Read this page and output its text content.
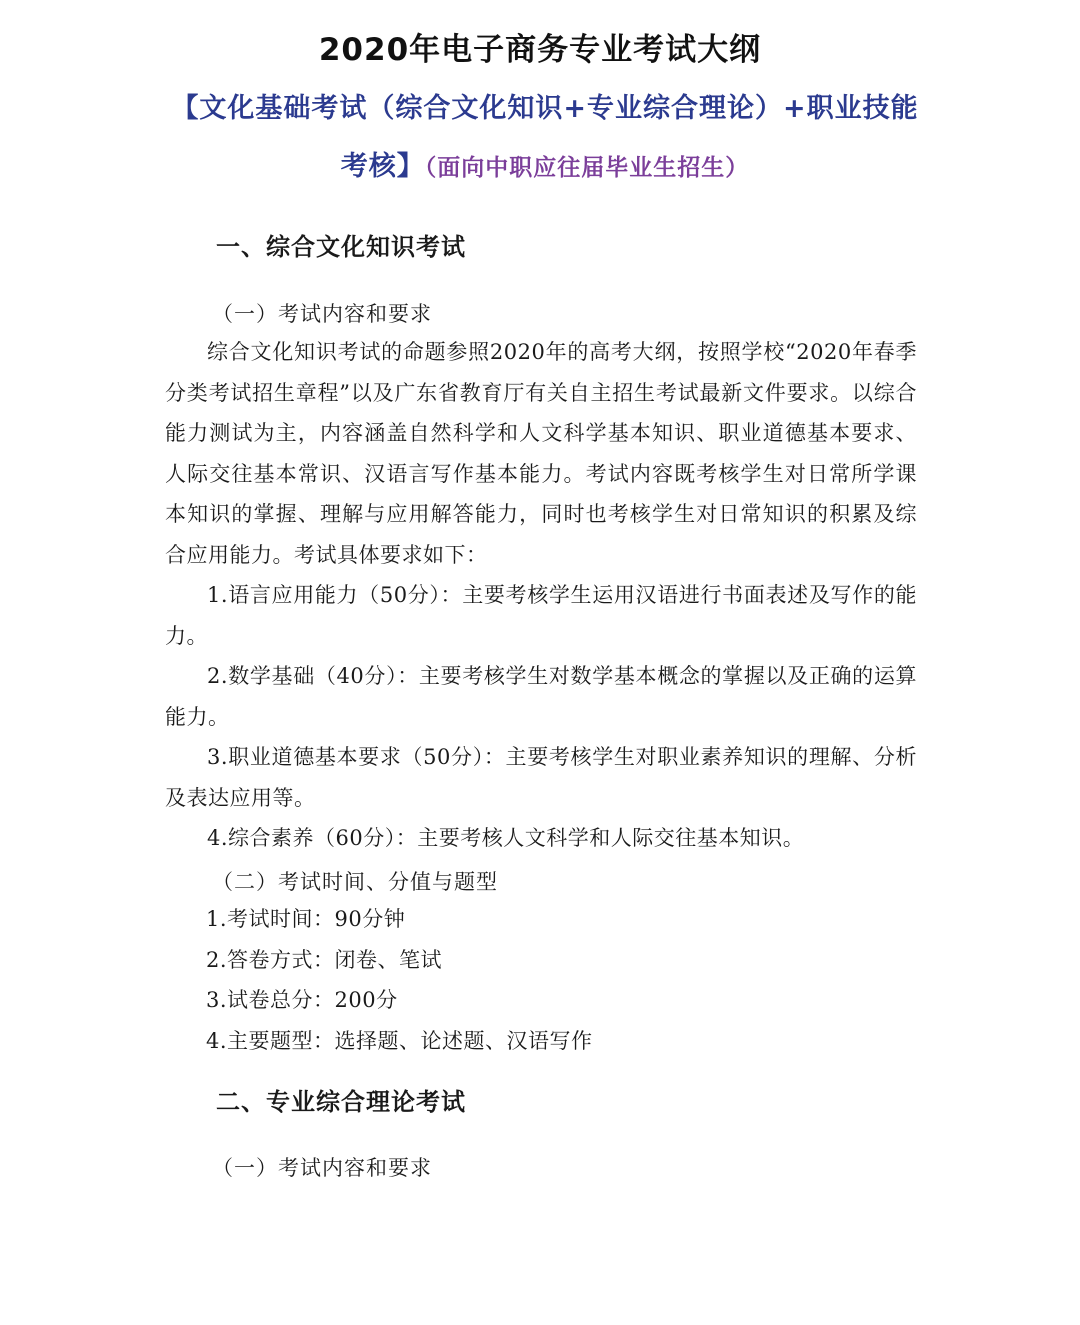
2020年电子商务专业考试大纲
【文化基础考试（综合文化知识+专业综合理论）+职业技能考核】（面向中职应往届毕业生招生）
一、综合文化知识考试
（一）考试内容和要求
综合文化知识考试的命题参照2020年的高考大纲，按照学校“2020年春季分类考试招生章程”以及广东省教育厅有关自主招生考试最新文件要求。以综合能力测试为主，内容涵盖自然科学和人文科学基本知识、职业道德基本要求、人际交往基本常识、汉语言写作基本能力。考试内容既考核学生对日常所学课本知识的掌握、理解与应用解答能力，同时也考核学生对日常知识的积累及综合应用能力。考试具体要求如下：
1.语言应用能力（50分）：主要考核学生运用汉语进行书面表述及写作的能力。
2.数学基础（40分）：主要考核学生对数学基本概念的掌握以及正确的运算能力。
3.职业道德基本要求（50分）：主要考核学生对职业素养知识的理解、分析及表达应用等。
4.综合素养（60分）：主要考核人文科学和人际交往基本知识。
（二）考试时间、分值与题型
1.考试时间：90分钟
2.答卷方式：闭卷、笔试
3.试卷总分：200分
4.主要题型：选择题、论述题、汉语写作
二、专业综合理论考试
（一）考试内容和要求
